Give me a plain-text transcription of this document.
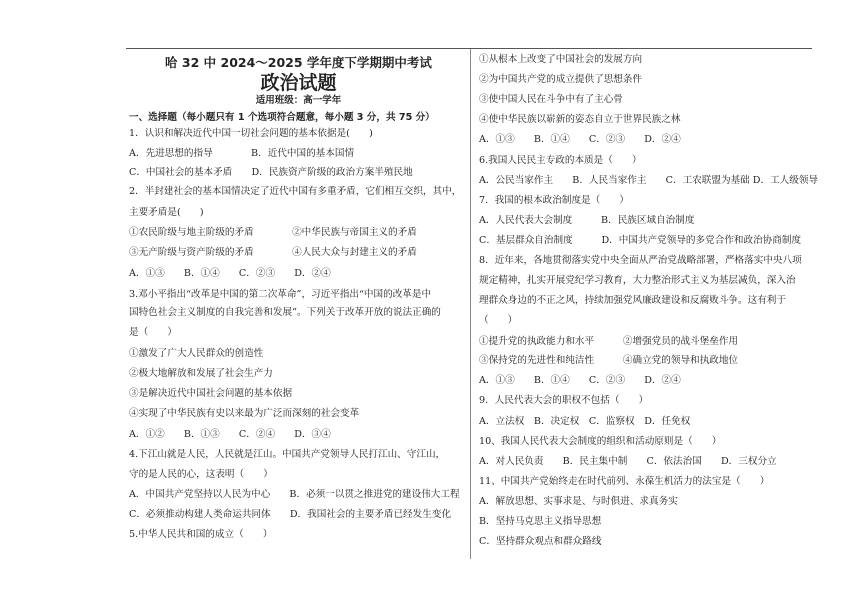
哈 32 中 2024～2025 学年度下学期期中考试
政治试题
适用班级：高一学年
一、选择题（每小题只有 1 个选项符合题意，每小题 3 分，共 75 分）
1．认识和解决近代中国一切社会问题的基本依据是(　　)
A．先进思想的指导　　　　B．近代中国的基本国情
C．中国社会的基本矛盾　　D．民族资产阶级的政治方案半殖民地
2．半封建社会的基本国情决定了近代中国有多重矛盾，它们相互交织，其中，
主要矛盾是(　　)
①农民阶级与地主阶级的矛盾　　　　②中华民族与帝国主义的矛盾
③无产阶级与资产阶级的矛盾　　　　④人民大众与封建主义的矛盾
A．①③　　B．①④　　C．②③　　D．②④
3.邓小平指出“改革是中国的第二次革命”，习近平指出“中国的改革是中
国特色社会主义制度的自我完善和发展”。下列关于改革开放的说法正确的
是（　　）
①激发了广大人民群众的创造性
②极大地解放和发展了社会生产力
③是解决近代中国社会问题的基本依据
④实现了中华民族有史以来最为广泛而深刻的社会变革
A．①②　　B．①③　　C．②④　　D．③④
4.下江山就是人民，人民就是江山。中国共产党领导人民打江山、守江山，
守的是人民的心，这表明（　　）
A．中国共产党坚持以人民为中心　　B．必须一以贯之推进党的建设伟大工程
C．必须推动构建人类命运共同体　　D．我国社会的主要矛盾已经发生变化
5.中华人民共和国的成立（　　）
①从根本上改变了中国社会的发展方向
②为中国共产党的成立提供了思想条件
③使中国人民在斗争中有了主心骨
④使中华民族以崭新的姿态自立于世界民族之林
A．①③　　B．①④　　C．②③　　D．②④
6.我国人民民主专政的本质是（　　）
A．公民当家作主　　B．人民当家作主　　C．工农联盟为基础 D．工人级领导
7．我国的根本政治制度是（　　）
A．人民代表大会制度　　　B．民族区域自治制度
C．基层群众自治制度　　　D．中国共产党领导的多党合作和政治协商制度
8．近年来，各地贯彻落实党中央全面从严治党战略部署，严格落实中央八项
规定精神，扎实开展党纪学习教育，大力整治形式主义为基层减负，深入治
理群众身边的不正之风，持续加强党风廉政建设和反腐败斗争。这有利于
（　　）
①提升党的执政能力和水平　　　②增强党员的战斗堡垒作用
③保持党的先进性和纯洁性　　　④确立党的领导和执政地位
A．①③　　B．①④　　C．②③　　D．②④
9．人民代表大会的职权不包括（　　）
A．立法权　B．决定权　C．监察权　D．任免权
10、我国人民代表大会制度的组织和活动原则是（　　）
A．对人民负责　　B．民主集中制　　C．依法治国　　D．三权分立
11、中国共产党始终走在时代前列、永葆生机活力的法宝是（　　）
A．解放思想、实事求是、与时俱进、求真务实
B．坚持马克思主义指导思想
C．坚持群众观点和群众路线
